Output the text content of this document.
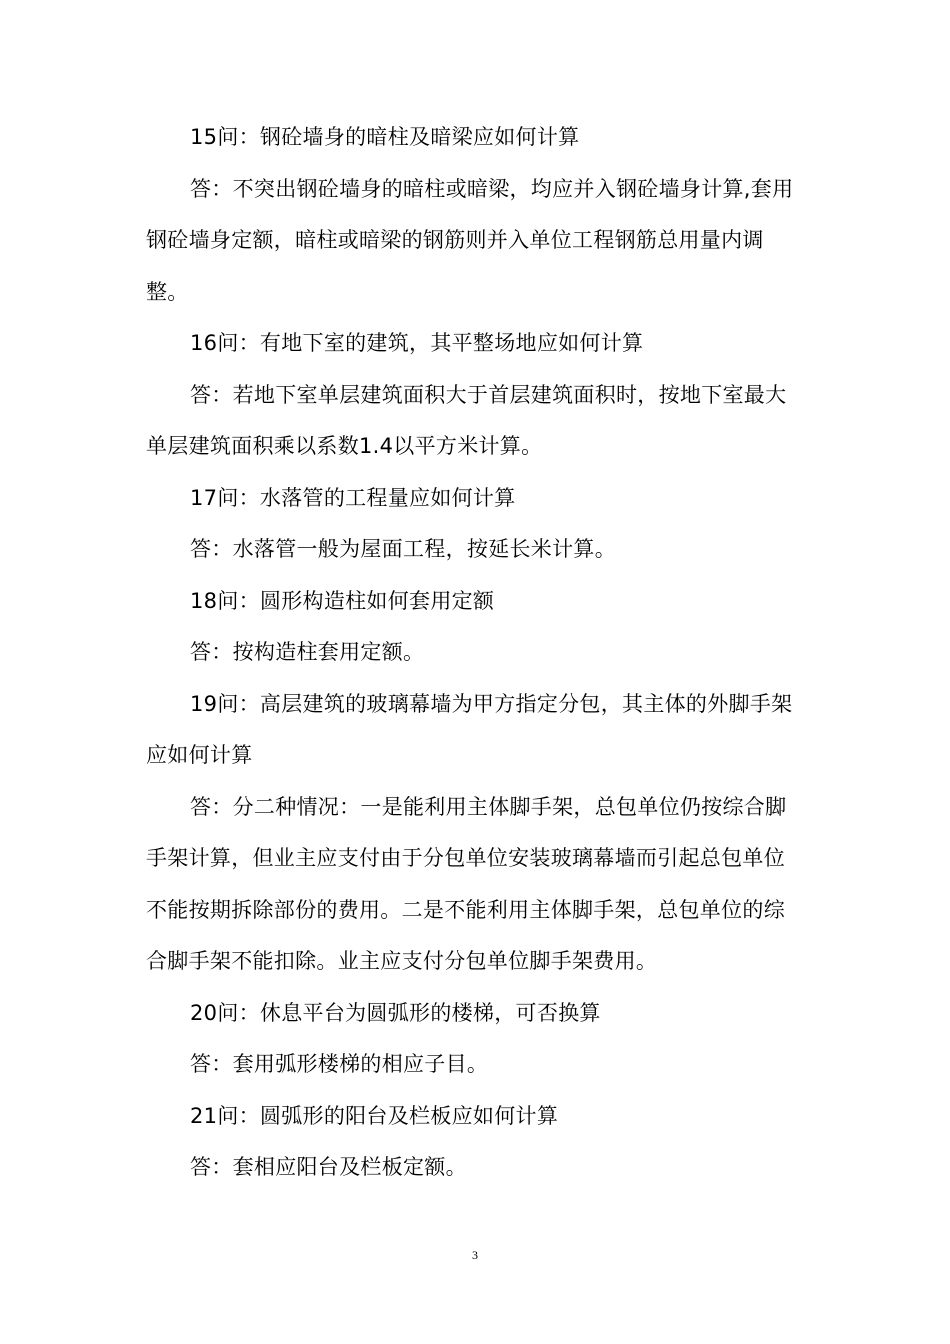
15问：钢砼墙身的暗柱及暗梁应如何计算

答：不突出钢砼墙身的暗柱或暗梁，均应并入钢砼墙身计算,套用钢砼墙身定额，暗柱或暗梁的钢筋则并入单位工程钢筋总用量内调整。

16问：有地下室的建筑，其平整场地应如何计算

答：若地下室单层建筑面积大于首层建筑面积时，按地下室最大单层建筑面积乘以系数1.4以平方米计算。

17问：水落管的工程量应如何计算

答：水落管一般为屋面工程，按延长米计算。

18问：圆形构造柱如何套用定额

答：按构造柱套用定额。

19问：高层建筑的玻璃幕墙为甲方指定分包，其主体的外脚手架应如何计算

答：分二种情况：一是能利用主体脚手架，总包单位仍按综合脚手架计算，但业主应支付由于分包单位安装玻璃幕墙而引起总包单位不能按期拆除部份的费用。二是不能利用主体脚手架，总包单位的综合脚手架不能扣除。业主应支付分包单位脚手架费用。

20问：休息平台为圆弧形的楼梯，可否换算

答：套用弧形楼梯的相应子目。

21问：圆弧形的阳台及栏板应如何计算

答：套相应阳台及栏板定额。

3
